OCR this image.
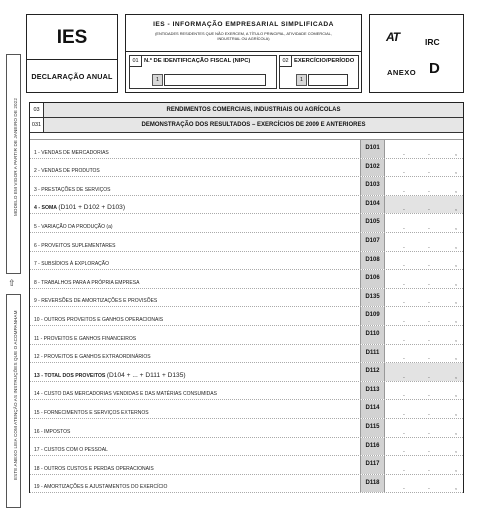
MODELO EM VIGOR A PARTIR DE JANEIRO DE 2022
⇧
ESTE ANEXO LEIA COM ATENÇÃO AS INSTRUÇÕES QUE O ACOMPANHAM
IES
DECLARAÇÃO ANUAL
IES - INFORMAÇÃO EMPRESARIAL SIMPLIFICADA
(ENTIDADES RESIDENTES QUE NÃO EXERCEM, A TÍTULO PRINCIPAL, ATIVIDADE COMERCIAL, INDUSTRIAL OU AGRÍCOLA)
01 N.º DE IDENTIFICAÇÃO FISCAL (NIPC)
1
02 EXERCÍCIO/PERÍODO
1
AT	IRC
ANEXO D
03	RENDIMENTOS COMERCIAIS, INDUSTRIAIS OU AGRÍCOLAS
031	DEMONSTRAÇÃO DOS RESULTADOS – EXERCÍCIOS DE 2009 E ANTERIORES
1 - VENDAS DE MERCADORIAS
D101
.	.	,
2 - VENDAS DE PRODUTOS
D102
.	.	,
3 - PRESTAÇÕES DE SERVIÇOS
D103
.	.	,
4 - SOMA (D101 + D102 + D103)
D104
.	.	,
5 - VARIAÇÃO DA PRODUÇÃO (a)
D105
.	.	,
6 - PROVEITOS SUPLEMENTARES
D107
.	.	,
7 - SUBSÍDIOS À EXPLORAÇÃO
D108
.	.	,
8 - TRABALHOS PARA A PRÓPRIA EMPRESA
D106
.	.	,
9 - REVERSÕES DE AMORTIZAÇÕES E PROVISÕES
D135
.	.	,
10 - OUTROS PROVEITOS E GANHOS OPERACIONAIS
D109
.	.	,
11 - PROVEITOS E GANHOS FINANCEIROS
D110
.	.	,
12 - PROVEITOS E GANHOS EXTRAORDINÁRIOS
D111
.	.	,
13 - TOTAL DOS PROVEITOS (D104 + ... + D111 + D135)
D112
.	.	,
14 - CUSTO DAS MERCADORIAS VENDIDAS E DAS MATÉRIAS CONSUMIDAS
D113
.	.	,
15 - FORNECIMENTOS E SERVIÇOS EXTERNOS
D114
.	.	,
16 - IMPOSTOS
D115
.	.	,
17 - CUSTOS COM O PESSOAL
D116
.	.	,
18 - OUTROS CUSTOS E PERDAS OPERACIONAIS
D117
.	.	,
19 - AMORTIZAÇÕES E AJUSTAMENTOS DO EXERCÍCIO
D118
.	.	,
